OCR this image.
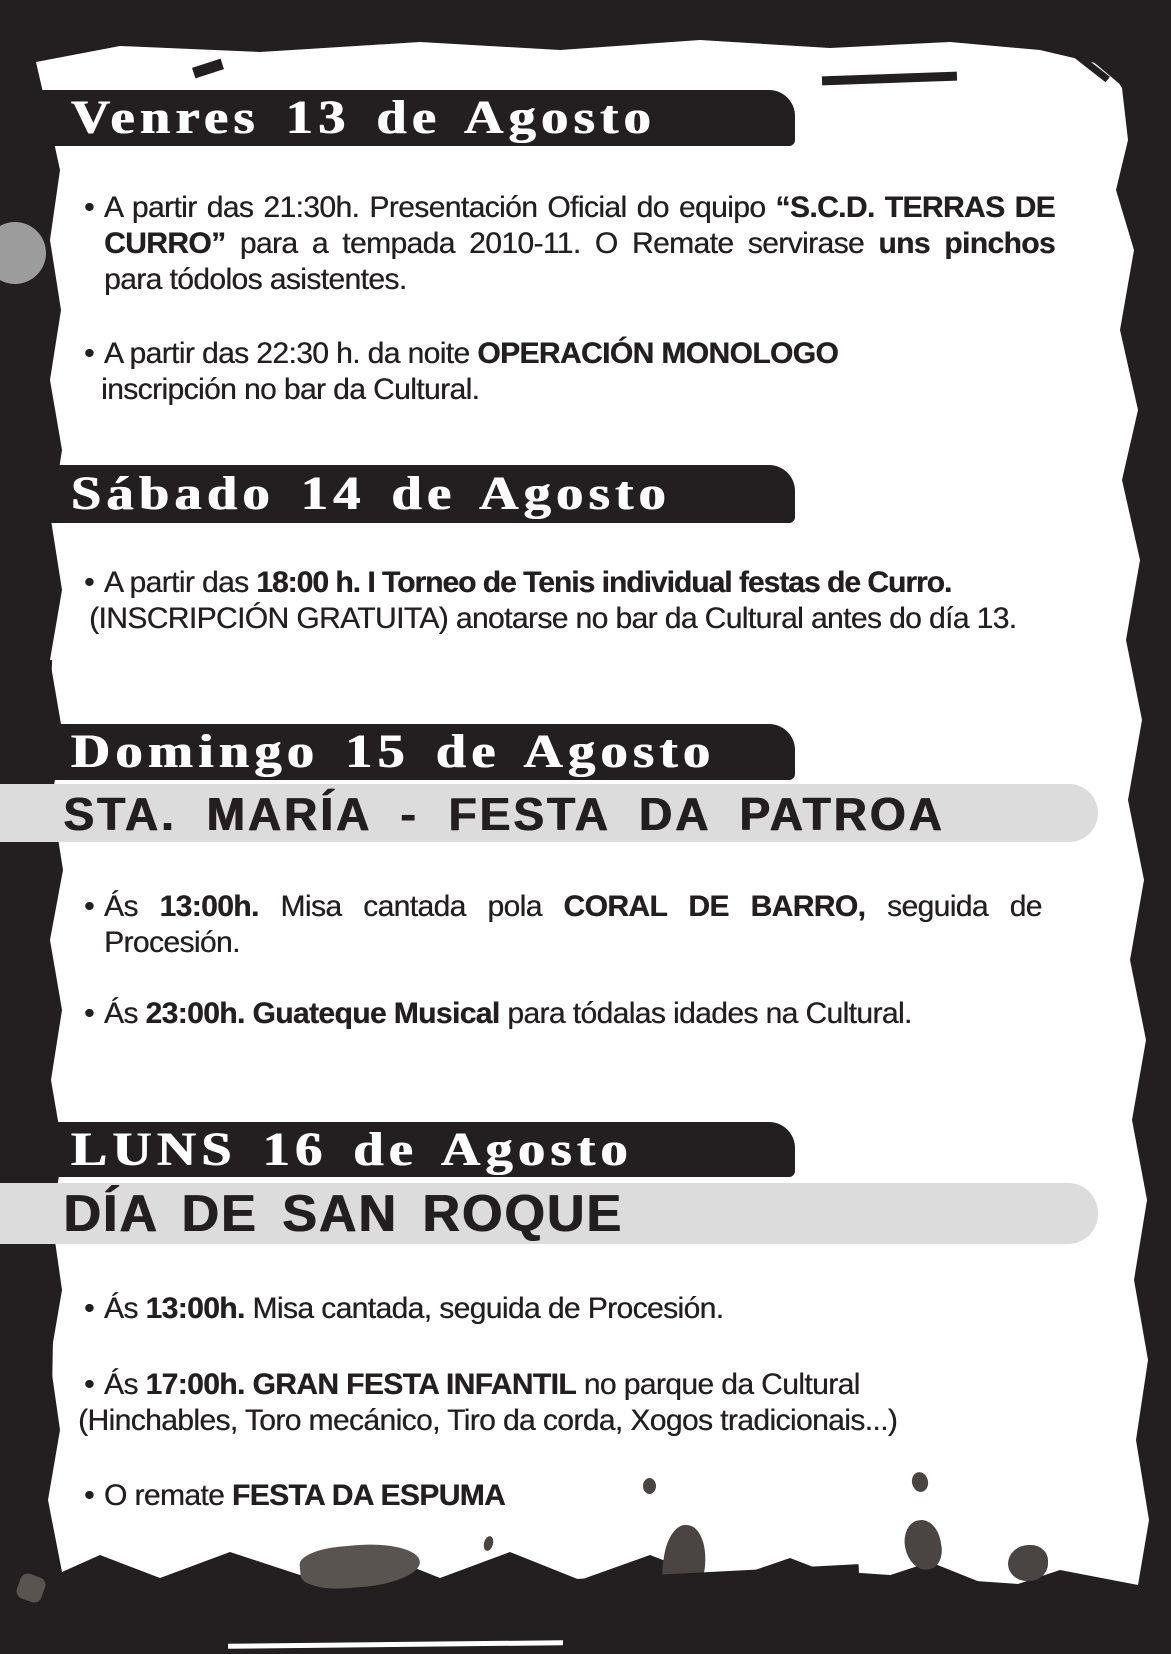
Venres 13 de Agosto
• A partir das 21:30h. Presentación Oficial do equipo “S.C.D. TERRAS DE CURRO” para a tempada 2010-11. O Remate servirase uns pinchos para tódolos asistentes.
• A partir das 22:30 h. da noite OPERACIÓN MONOLOGO
inscripción no bar da Cultural.
Sábado 14 de Agosto
• A partir das 18:00 h. I Torneo de Tenis individual festas de Curro.
(INSCRIPCIÓN GRATUITA) anotarse no bar da Cultural antes do día 13.
Domingo 15 de Agosto
STA. MARÍA - FESTA DA PATROA
• Ás 13:00h. Misa cantada pola CORAL DE BARRO, seguida de
Procesión.
• Ás 23:00h. Guateque Musical para tódalas idades na Cultural.
LUNS 16 de Agosto
DÍA DE SAN ROQUE
• Ás 13:00h. Misa cantada, seguida de Procesión.
• Ás 17:00h. GRAN FESTA INFANTIL no parque da Cultural
(Hinchables, Toro mecánico, Tiro da corda, Xogos tradicionais...)
• O remate FESTA DA ESPUMA
